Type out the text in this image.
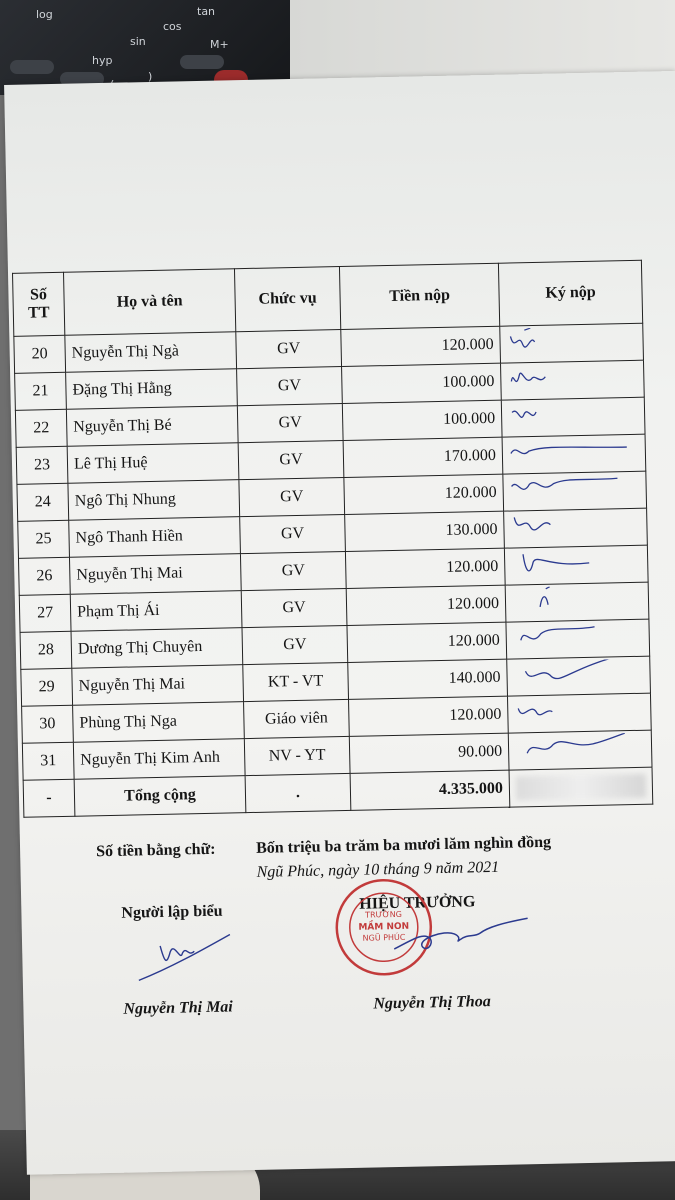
log
sin
cos
tan
hyp
M+
)
Số TT	Họ và tên	Chức vụ	Tiền nộp	Ký nộp
20	Nguyễn Thị Ngà	GV	120.000	

21	Đặng Thị Hằng	GV	100.000	

22	Nguyễn Thị Bé	GV	100.000	

23	Lê Thị Huệ	GV	170.000	

24	Ngô Thị Nhung	GV	120.000	

25	Ngô Thanh Hiền	GV	130.000	

26	Nguyễn Thị Mai	GV	120.000	

27	Phạm Thị Ái	GV	120.000	

28	Dương Thị Chuyên	GV	120.000	

29	Nguyễn Thị Mai	KT - VT	140.000	

30	Phùng Thị Nga	Giáo viên	120.000	

31	Nguyễn Thị Kim Anh	NV - YT	90.000	

-	Tổng cộng	.	4.335.000	
Số tiền bằng chữ:	Bốn triệu ba trăm ba mươi lăm nghìn đồng
Ngũ Phúc, ngày 10 tháng 9 năm 2021
Người lập biểu	HIỆU TRƯỞNG
TRƯỜNG
MẦM NON
NGŨ PHÚC
Nguyễn Thị Mai	Nguyễn Thị Thoa
